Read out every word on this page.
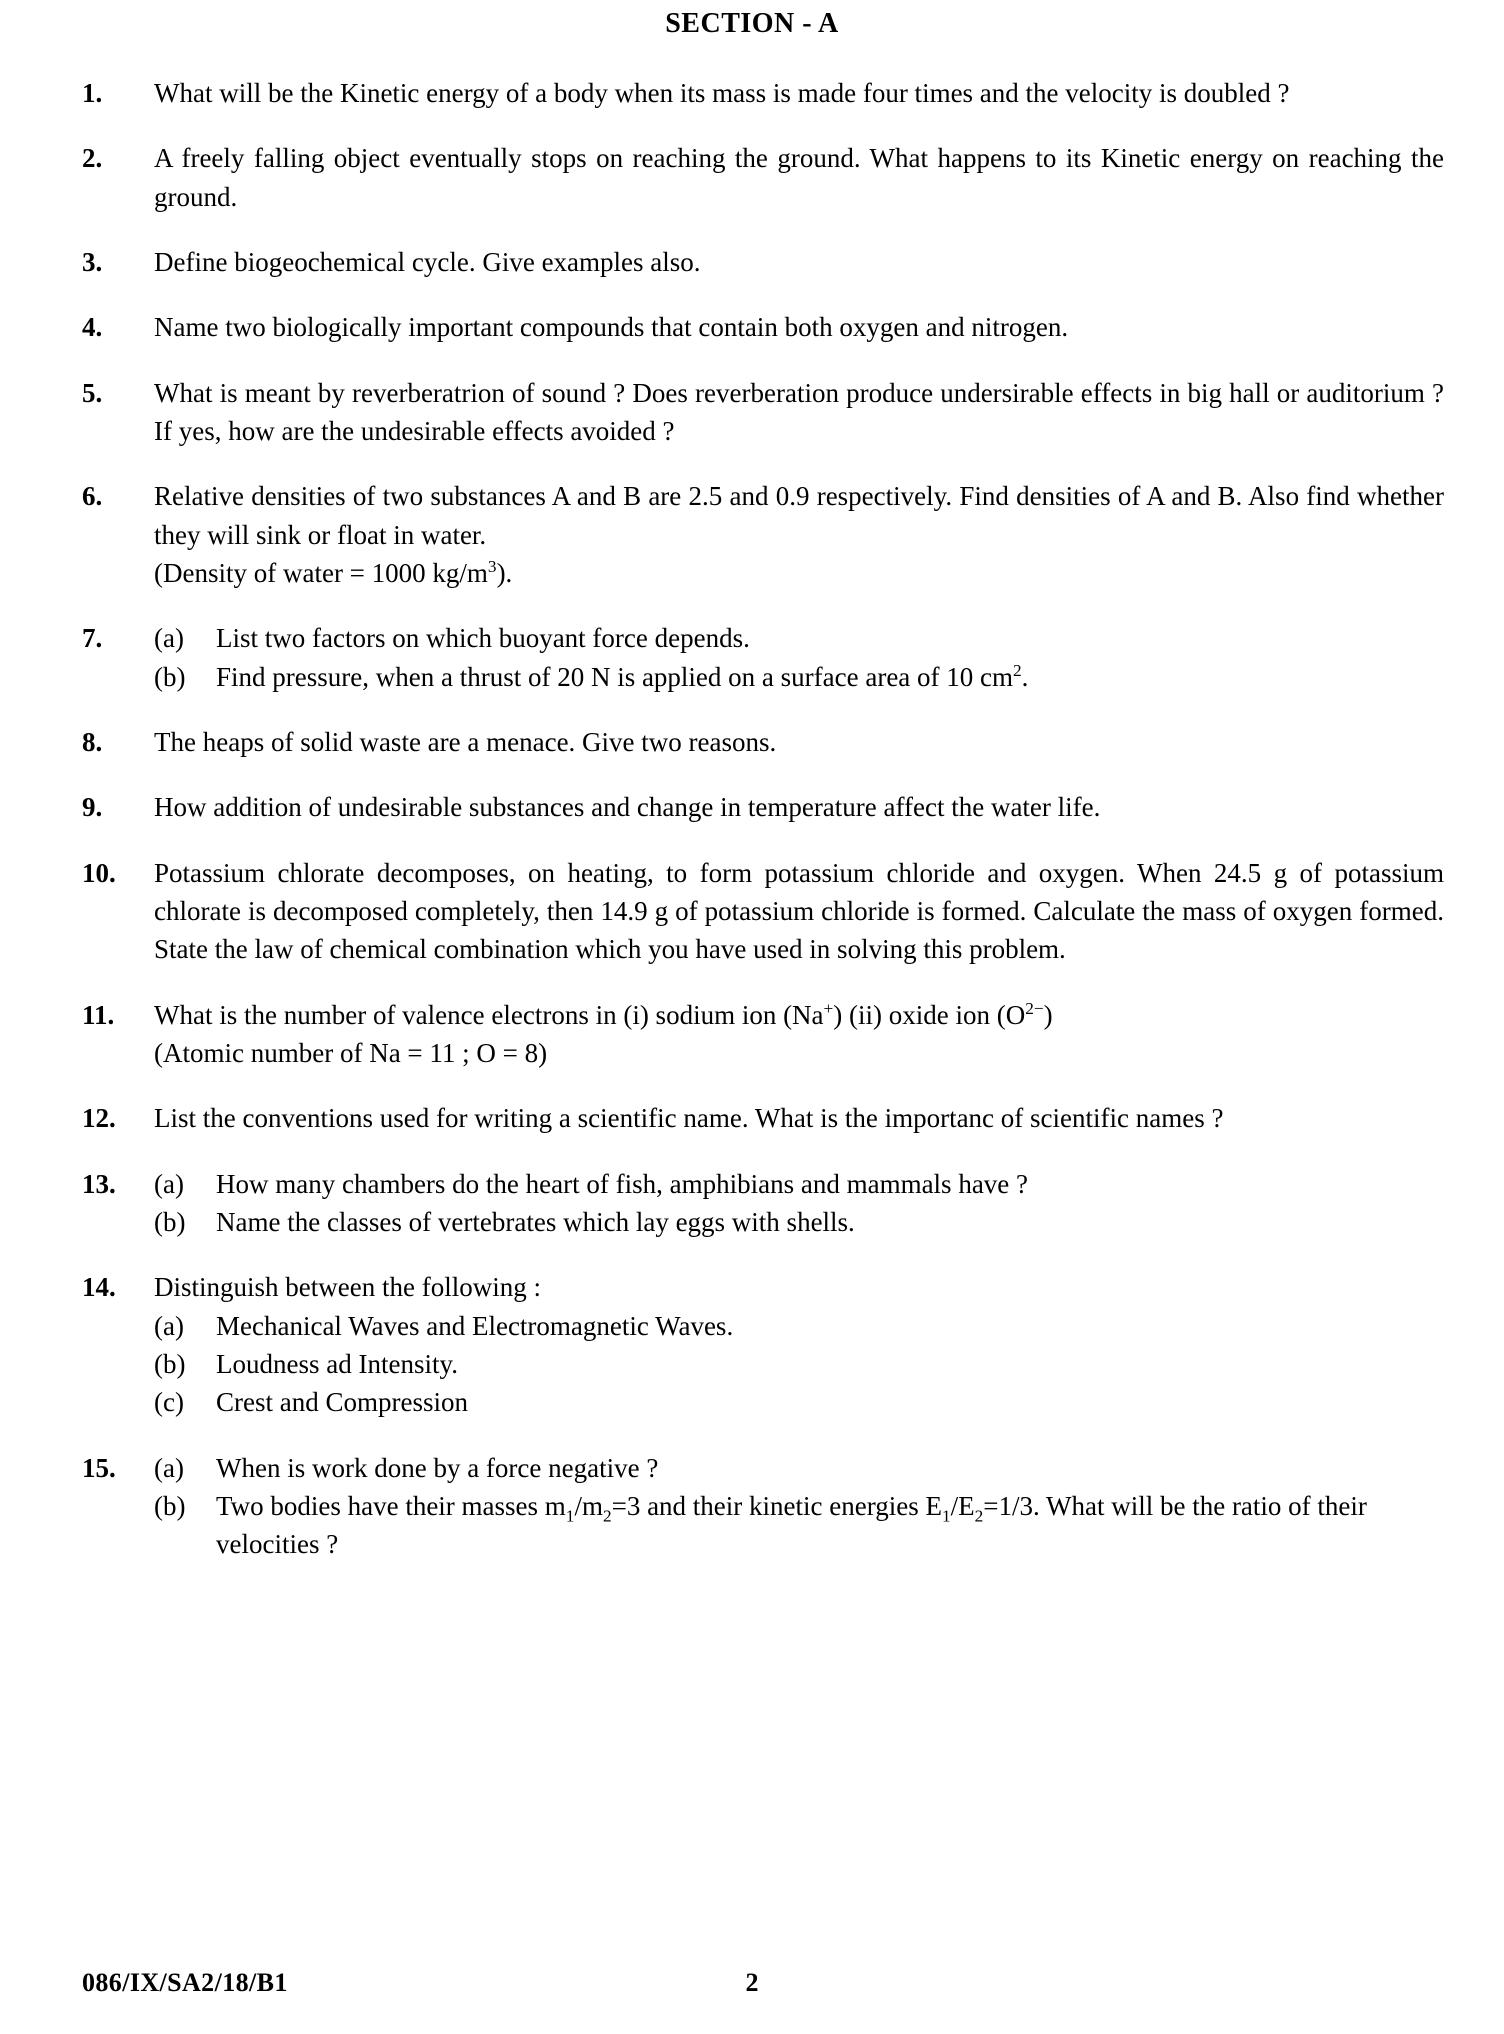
SECTION - A
1.	What will be the Kinetic energy of a body when its mass is made four times and the velocity is doubled ?

2.	A freely falling object eventually stops on reaching the ground. What happens to its Kinetic energy on reaching the ground.

3.	Define biogeochemical cycle. Give examples also.

4.	Name two biologically important compounds that contain both oxygen and nitrogen.

5.	What is meant by reverberatrion of sound ? Does reverberation produce undersirable effects in big hall or auditorium ? If yes, how are the undesirable effects avoided ?

6.	Relative densities of two substances A and B are 2.5 and 0.9 respectively. Find densities of A and B. Also find whether they will sink or float in water.

(Density of water = 1000 $kg/m^3$).

7.	(a)	List two factors on which buoyant force depends.
(b)	Find pressure, when a thrust of 20 N is applied on a surface area of 10 $cm^2$.
8.	The heaps of solid waste are a menace. Give two reasons.

9.	How addition of undesirable substances and change in temperature affect the water life.

10.	Potassium chlorate decomposes, on heating, to form potassium chloride and oxygen. When 24.5 g of potassium chlorate is decomposed completely, then 14.9 g of potassium chloride is formed. Calculate the mass of oxygen formed. State the law of chemical combination which you have used in solving this problem.

11.	What is the number of valence electrons in (i) sodium ion (Na+) (ii) oxide ion $(O^{2-})$

(Atomic number of Na = 11 ; O = 8)

12.	List the conventions used for writing a scientific name. What is the importanc of scientific names ?

13.	(a)	How many chambers do the heart of fish, amphibians and mammals have ?
(b)	Name the classes of vertebrates which lay eggs with shells.
14.	Distinguish between the following :

(a)	Mechanical Waves and Electromagnetic Waves.
(b)	Loudness ad Intensity.
(c)	Crest and Compression
15.	(a)	When is work done by a force negative ?
(b)	Two bodies have their masses $m_1/m_2=3$ and their kinetic energies $E_1/E_2=1/3$. What will be the ratio of their velocities ?
086/IX/SA2/18/B1	2
